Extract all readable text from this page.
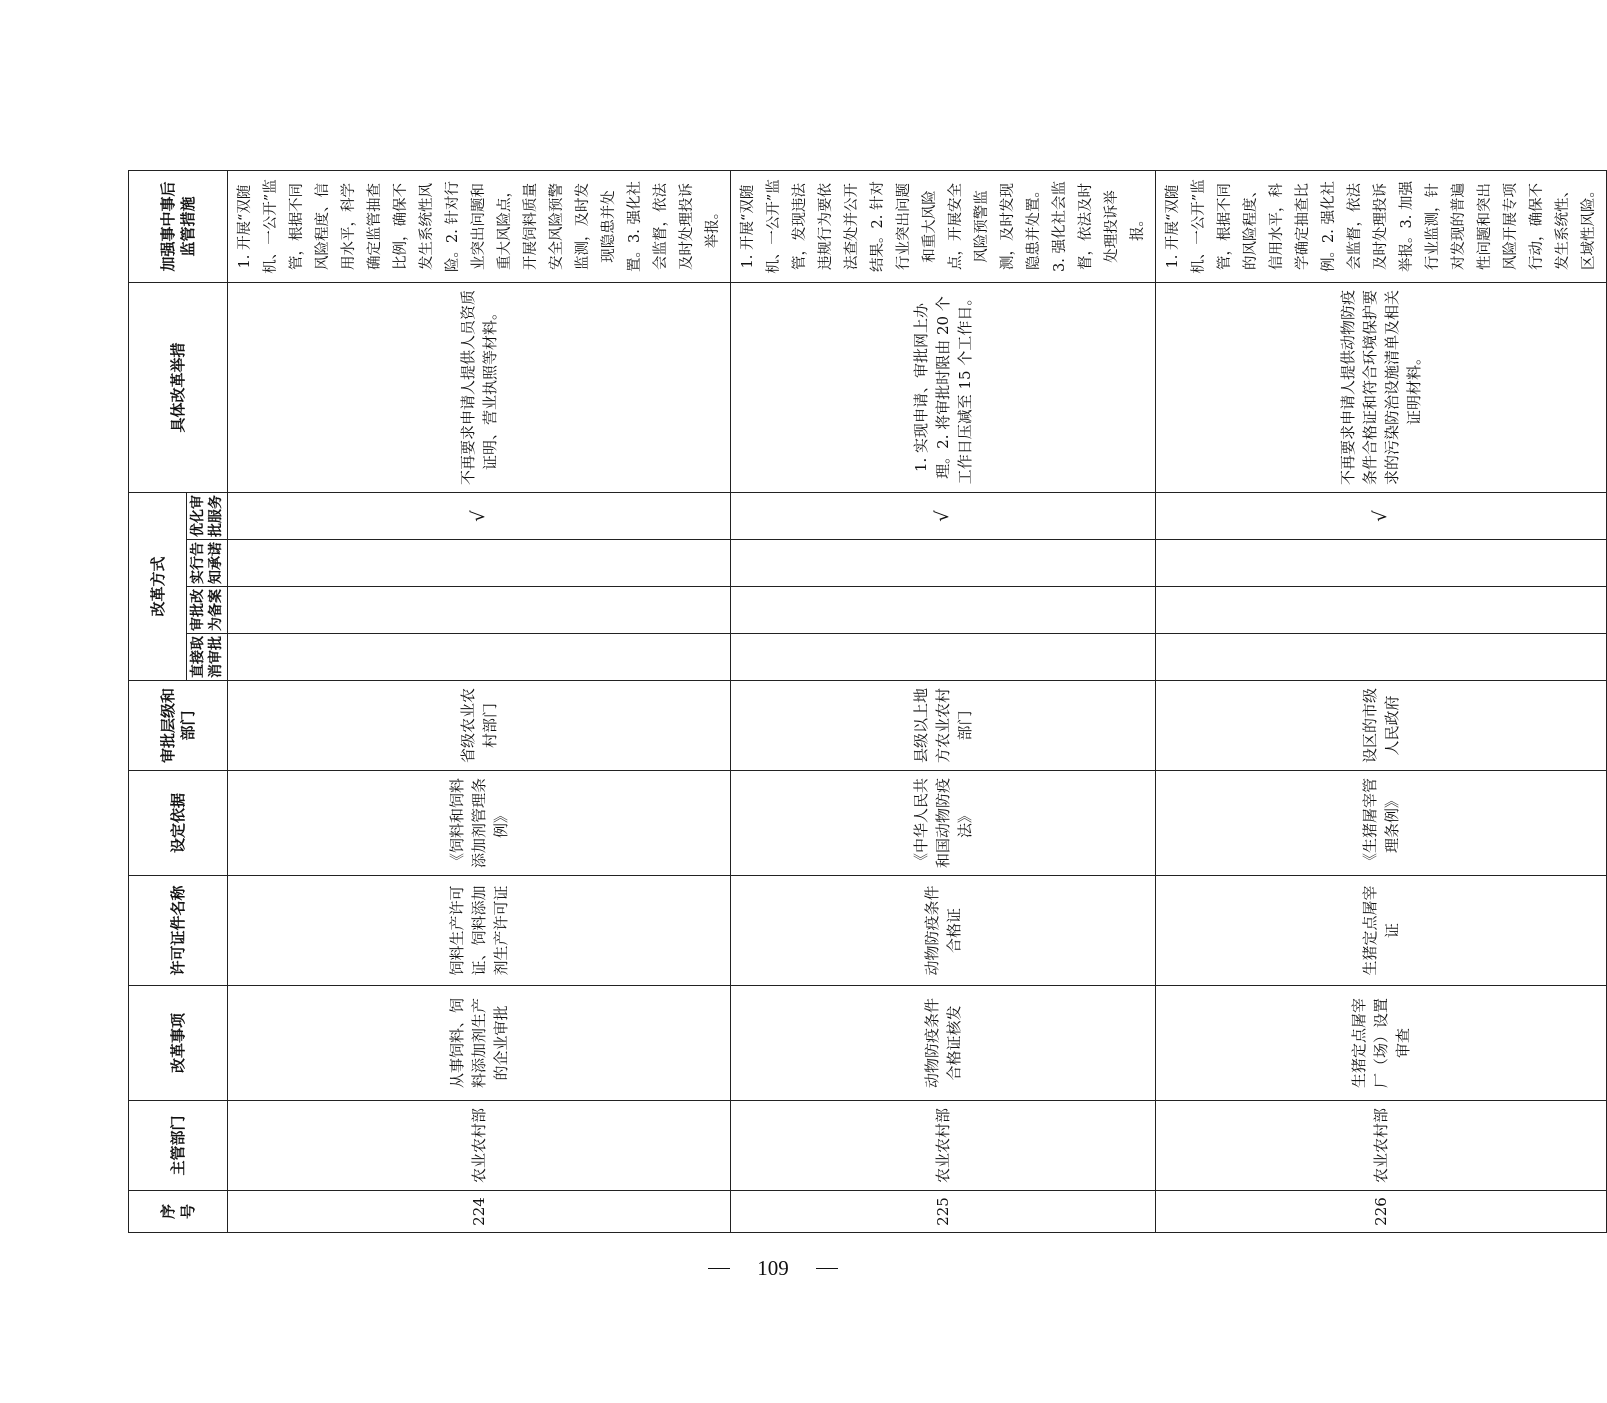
序号	主管部门	改革事项	许可证件名称	设定依据	审批层级和部门	改革方式				具体改革举措	加强事中事后监管措施
						直接取消审批	审批改为备案	实行告知承诺	优化审批服务		
224	农业农村部	从事饲料、饲料添加剂生产的企业审批	饲料生产许可证、饲料添加剂生产许可证	《饲料和饲料添加剂管理条例》	省级农业农村部门				√	不再要求申请人提供人员资质证明、营业执照等材料。	1. 开展“双随机、一公开”监管，根据不同风险程度、信用水平，科学确定监管抽查比例，确保不发生系统性风险。2. 针对行业突出问题和重大风险点，开展饲料质量安全风险预警监测，及时发现隐患并处置。3. 强化社会监督，依法及时处理投诉举报。
225	农业农村部	动物防疫条件合格证核发	动物防疫条件合格证	《中华人民共和国动物防疫法》	县级以上地方农业农村部门				√	1. 实现申请、审批网上办理。2. 将审批时限由 20 个工作日压减至 15 个工作日。	1. 开展“双随机、一公开”监管，发现违法违规行为要依法查处并公开结果。2. 针对行业突出问题和重大风险点，开展安全风险预警监测，及时发现隐患并处置。3. 强化社会监督，依法及时处理投诉举报。
226	农业农村部	生猪定点屠宰厂（场）设置审查	生猪定点屠宰证	《生猪屠宰管理条例》	设区的市级人民政府				√	不再要求申请人提供动物防疫条件合格证和符合环境保护要求的污染防治设施清单及相关证明材料。	1. 开展“双随机、一公开”监管，根据不同的风险程度、信用水平，科学确定抽查比例。2. 强化社会监督，依法及时处理投诉举报。3. 加强行业监测，针对发现的普遍性问题和突出风险开展专项行动，确保不发生系统性、区域性风险。
109
